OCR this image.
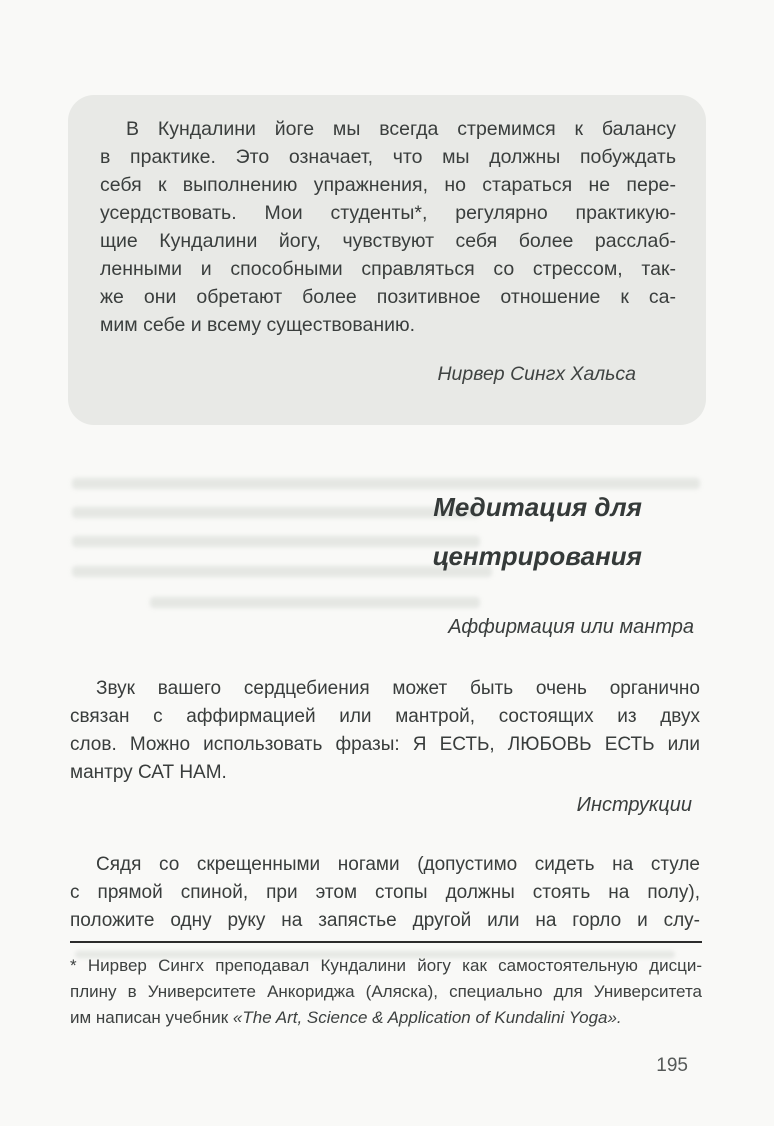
В Кундалини йоге мы всегда стремимся к балансу
в практике. Это означает, что мы должны побуждать
себя к выполнению упражнения, но стараться не пере-
усердствовать. Мои студенты*, регулярно практикую-
щие Кундалини йогу, чувствуют себя более расслаб-
ленными и способными справляться со стрессом, так-
же они обретают более позитивное отношение к са-
мим себе и всему существованию.
Нирвер Сингх Хальса
Медитация для
центрирования
Аффирмация или мантра
Звук вашего сердцебиения может быть очень органично
связан с аффирмацией или мантрой, состоящих из двух
слов. Можно использовать фразы: Я ЕСТЬ, ЛЮБОВЬ ЕСТЬ или
мантру САТ НАМ.
Инструкции
Сядя со скрещенными ногами (допустимо сидеть на стуле
с прямой спиной, при этом стопы должны стоять на полу),
положите одну руку на запястье другой или на горло и слу-
* Нирвер Сингх преподавал Кундалини йогу как самостоятельную дисци-
плину в Университете Анкориджа (Аляска), специально для Университета
им написан учебник «The Art, Science & Application of Kundalini Yoga».
195
